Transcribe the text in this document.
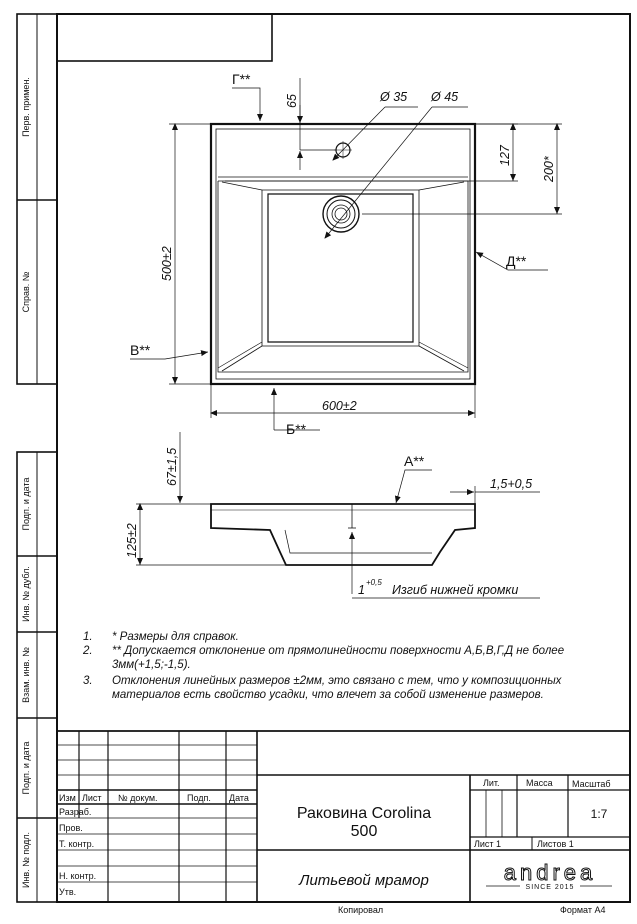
Перв. примен.
Справ. №
Подп. и дата
Инв. № дубл.
Взам. инв. №
Подп. и дата
Инв. № подл.
65	Ø 35 Ø 45
127
200*
500±2
600±2
Г**
Д**
В**
Б**
67±1,5
125±2
1,5+0,5
А**
1
+0,5
Изгиб нижней кромки
1. * Размеры для справок.
2. ** Допускается отклонение от прямолинейности поверхности А,Б,В,Г,Д не более
3мм(+1,5;-1,5).
3. Отклонения линейных размеров ±2мм, это связано с тем, что у композиционных
материалов есть свойство усадки, что влечет за собой изменение размеров.
Изм Лист № докум.	Подп. Дата
Разраб.
Пров.
Т. контр.
Н. контр.
Утв.
Раковина Corolina
500
Литьевой мрамор
Лит.	Масса Масштаб
1:7
Лист 1	Листов 1
andrea
SINCE 2015
Копировал	Формат А4
